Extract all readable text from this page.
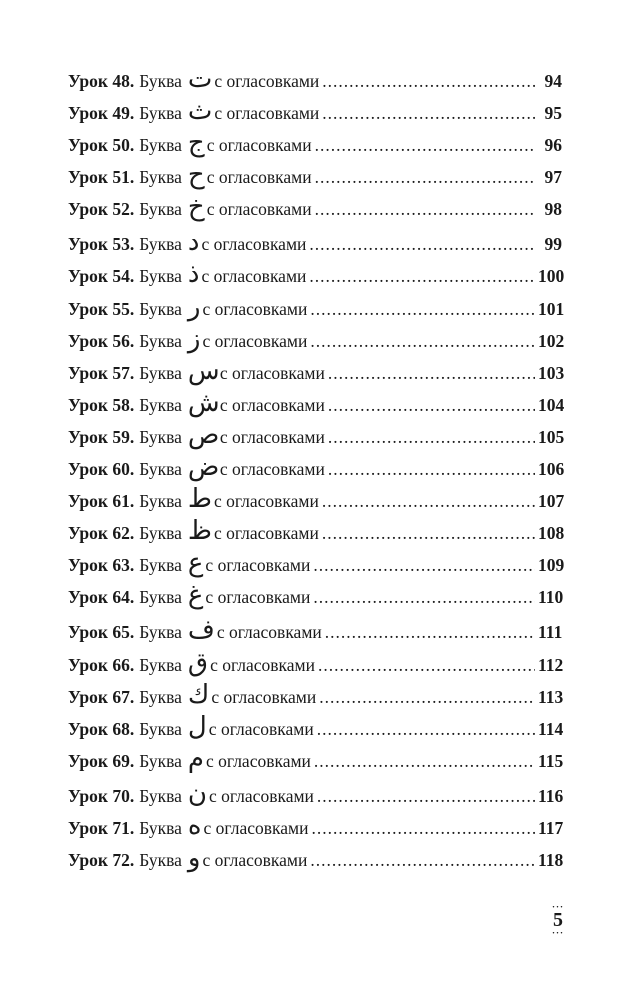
Урок 48. Буква ت с огласовками .....	94
Урок 49. Буква ث с огласовками .....	95
Урок 50. Буква ج с огласовками .....	96
Урок 51. Буква ح с огласовками .....	97
Урок 52. Буква خ с огласовками .....	98
Урок 53. Буква د с огласовками .....	99
Урок 54. Буква ذ с огласовками .....	100
Урок 55. Буква ر с огласовками .....	101
Урок 56. Буква ز с огласовками .....	102
Урок 57. Буква س с огласовками .....	103
Урок 58. Буква ش с огласовками .....	104
Урок 59. Буква ص с огласовками .....	105
Урок 60. Буква ض с огласовками .....	106
Урок 61. Буква ط с огласовками .....	107
Урок 62. Буква ظ с огласовками .....	108
Урок 63. Буква ع с огласовками .....	109
Урок 64. Буква غ с огласовками .....	110
Урок 65. Буква ف с огласовками .....	111
Урок 66. Буква ق с огласовками .....	112
Урок 67. Буква ك с огласовками .....	113
Урок 68. Буква ل с огласовками .....	114
Урок 69. Буква م с огласовками .....	115
Урок 70. Буква ن с огласовками .....	116
Урок 71. Буква ه с огласовками .....	117
Урок 72. Буква و с огласовками .....	118
···
5
···
